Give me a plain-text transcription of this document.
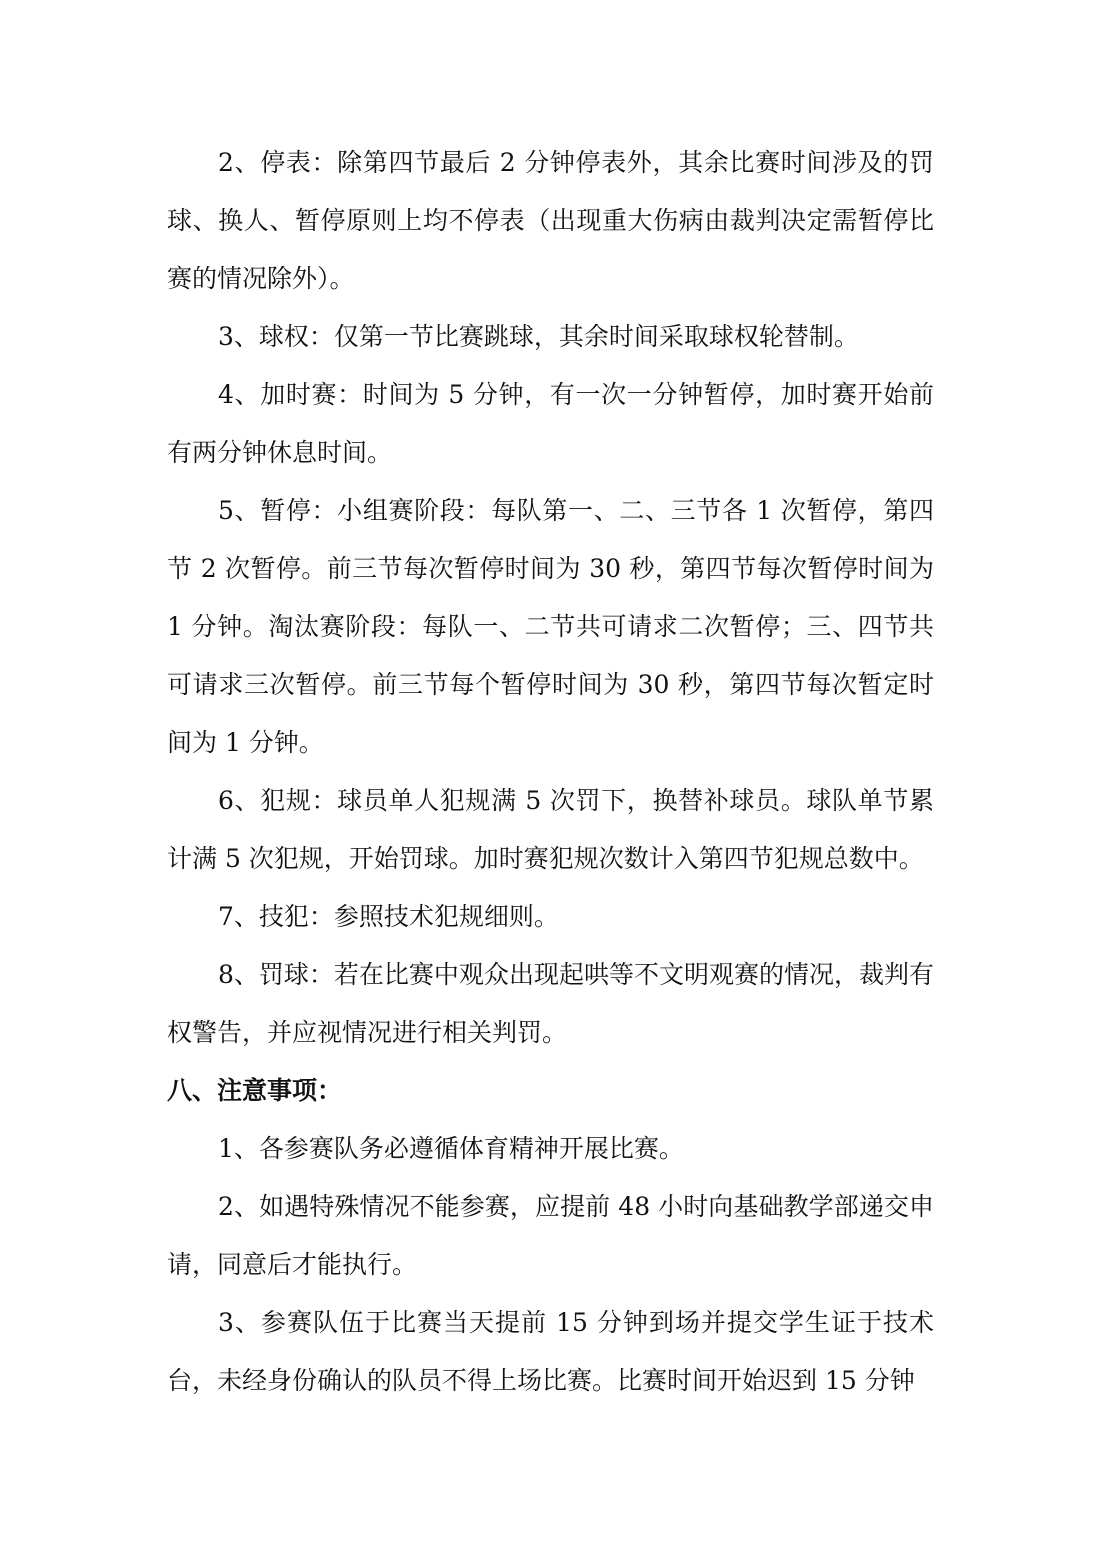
2、停表：除第四节最后 2 分钟停表外，其余比赛时间涉及的罚球、换人、暂停原则上均不停表（出现重大伤病由裁判决定需暂停比赛的情况除外）。

3、球权：仅第一节比赛跳球，其余时间采取球权轮替制。

4、加时赛：时间为 5 分钟，有一次一分钟暂停，加时赛开始前有两分钟休息时间。

5、暂停：小组赛阶段：每队第一、二、三节各 1 次暂停，第四节 2 次暂停。前三节每次暂停时间为 30 秒，第四节每次暂停时间为 1 分钟。淘汰赛阶段：每队一、二节共可请求二次暂停；三、四节共可请求三次暂停。前三节每个暂停时间为 30 秒，第四节每次暂定时间为 1 分钟。

6、犯规：球员单人犯规满 5 次罚下，换替补球员。球队单节累计满 5 次犯规，开始罚球。加时赛犯规次数计入第四节犯规总数中。

7、技犯：参照技术犯规细则。

8、罚球：若在比赛中观众出现起哄等不文明观赛的情况，裁判有权警告，并应视情况进行相关判罚。

八、注意事项：

1、各参赛队务必遵循体育精神开展比赛。

2、如遇特殊情况不能参赛，应提前 48 小时向基础教学部递交申请，同意后才能执行。

3、参赛队伍于比赛当天提前 15 分钟到场并提交学生证于技术台，未经身份确认的队员不得上场比赛。比赛时间开始迟到 15 分钟
